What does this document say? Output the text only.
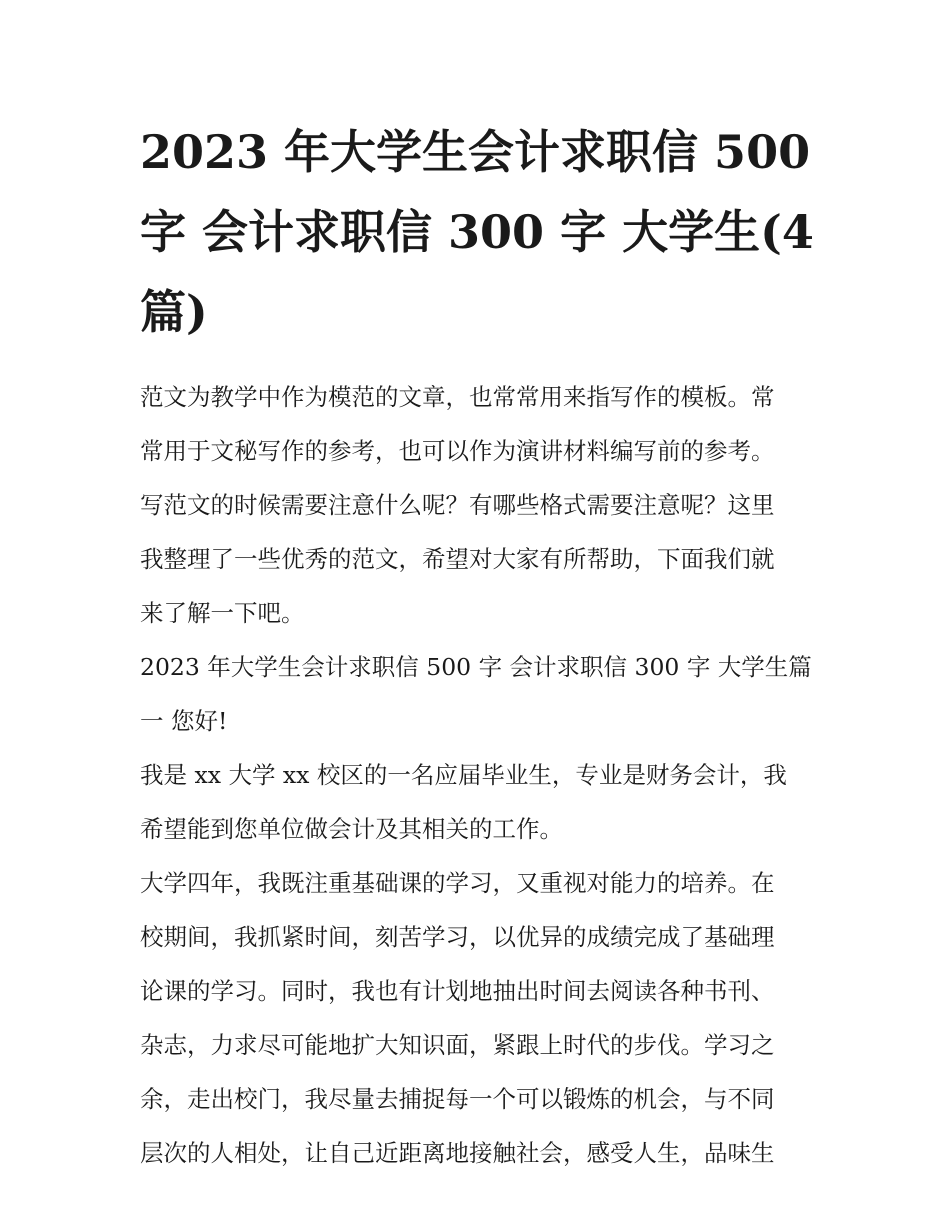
2023 年大学生会计求职信 500
字 会计求职信 300 字 大学生(4
篇)

范文为教学中作为模范的文章，也常常用来指写作的模板。常
常用于文秘写作的参考，也可以作为演讲材料编写前的参考。
写范文的时候需要注意什么呢？有哪些格式需要注意呢？这里
我整理了一些优秀的范文，希望对大家有所帮助，下面我们就
来了解一下吧。

2023 年大学生会计求职信 500 字 会计求职信 300 字 大学生篇
一 您好!

我是 xx 大学 xx 校区的一名应届毕业生，专业是财务会计，我
希望能到您单位做会计及其相关的工作。

大学四年，我既注重基础课的学习，又重视对能力的培养。在
校期间，我抓紧时间，刻苦学习，以优异的成绩完成了基础理
论课的学习。同时，我也有计划地抽出时间去阅读各种书刊、
杂志，力求尽可能地扩大知识面，紧跟上时代的步伐。学习之
余，走出校门，我尽量去捕捉每一个可以锻炼的机会，与不同
层次的人相处，让自己近距离地接触社会，感受人生，品味生
